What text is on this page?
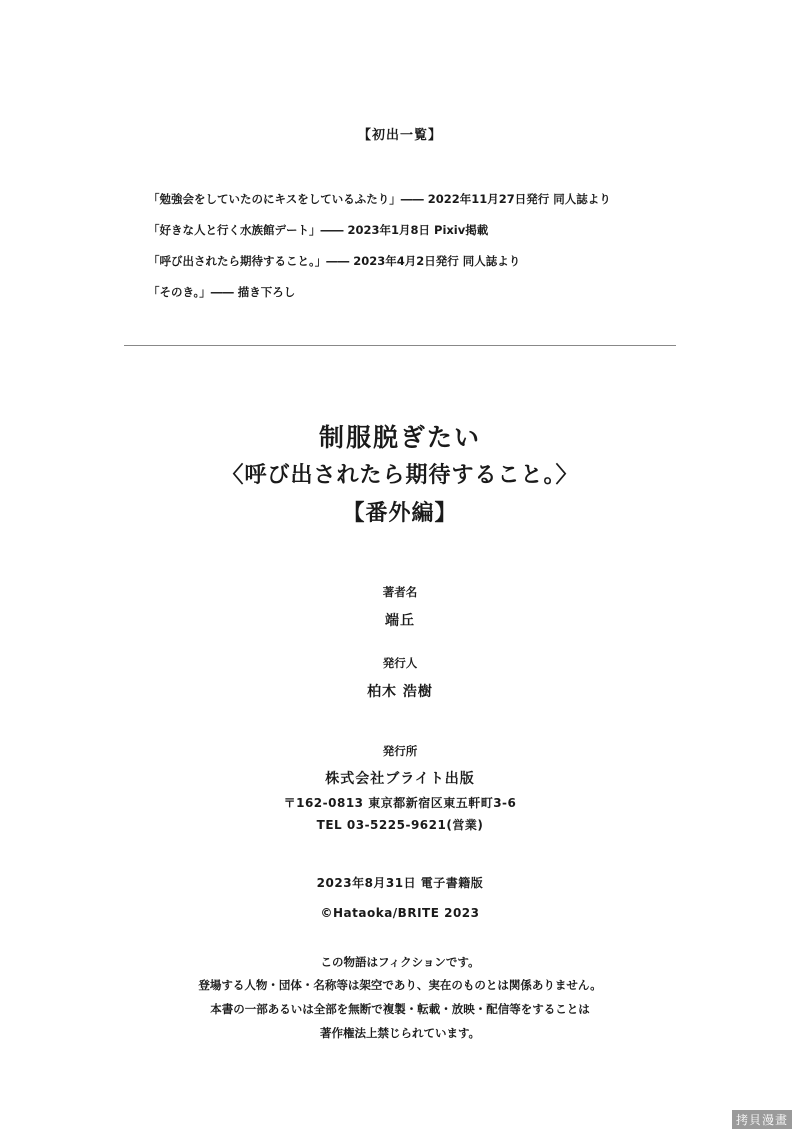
【初出一覧】
「勉強会をしていたのにキスをしているふたり」―― 2022年11月27日発行 同人誌より
「好きな人と行く水族館デート」―― 2023年1月8日 Pixiv掲載
「呼び出されたら期待すること。」―― 2023年4月2日発行 同人誌より
「そのき。」―― 描き下ろし
制服脱ぎたい
〈呼び出されたら期待すること。〉
【番外編】
著者名
端丘
発行人
柏木 浩樹
発行所
株式会社ブライト出版
〒162-0813 東京都新宿区東五軒町3-6
TEL 03-5225-9621(営業)
2023年8月31日 電子書籍版
©Hataoka/BRITE 2023
この物語はフィクションです。
登場する人物・団体・名称等は架空であり、実在のものとは関係ありません。
本書の一部あるいは全部を無断で複製・転載・放映・配信等をすることは
著作権法上禁じられています。
拷貝漫畫
